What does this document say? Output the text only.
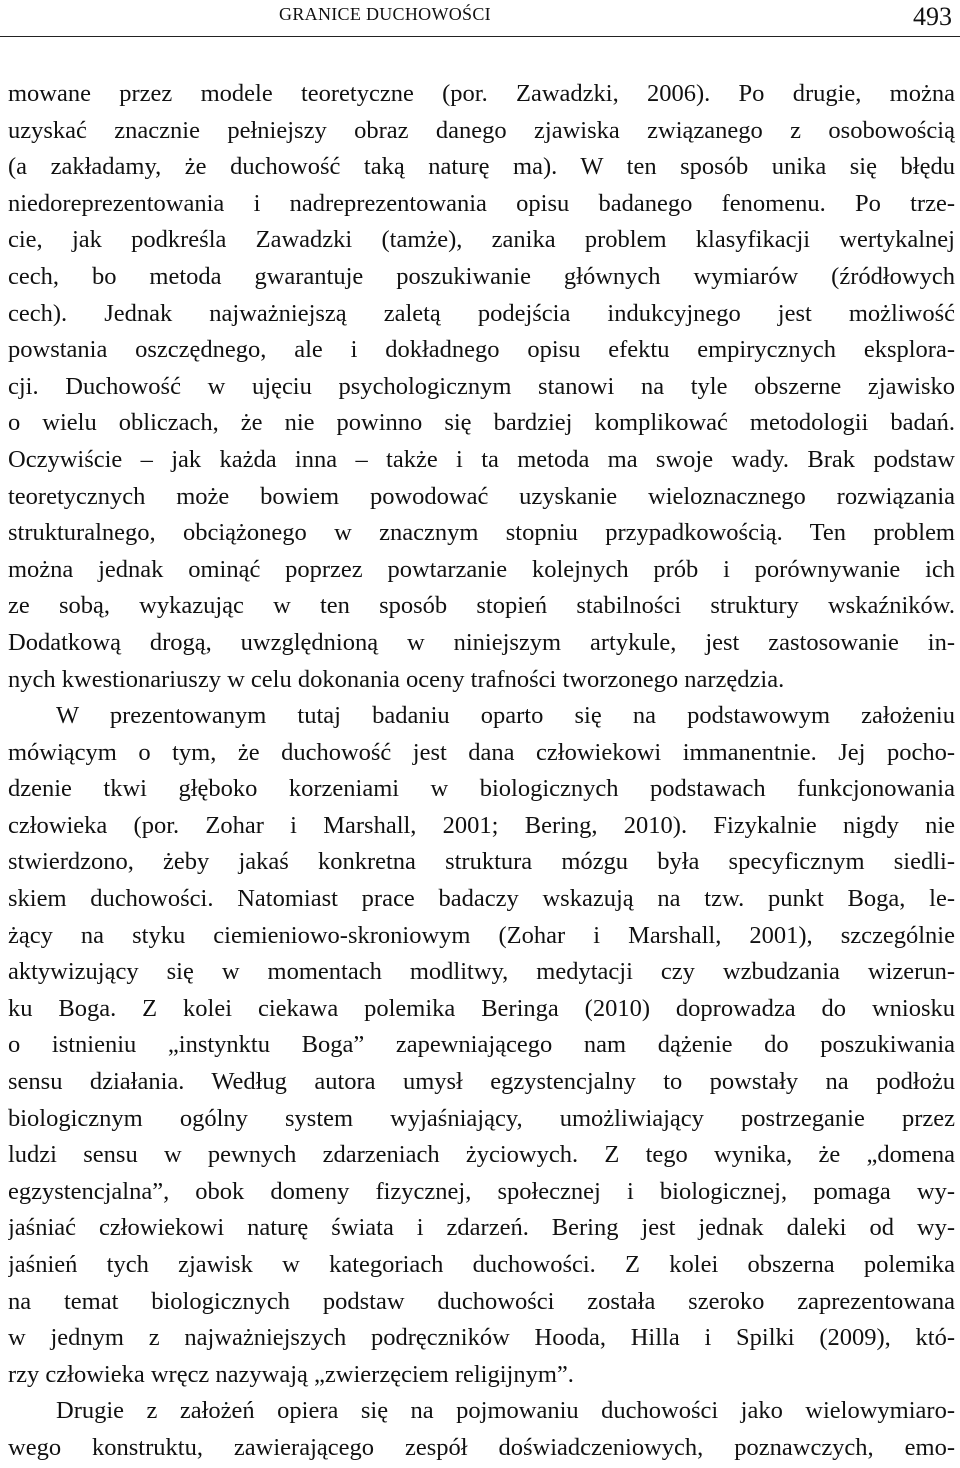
GRANICE DUCHOWOŚCI	493
mowane przez modele teoretyczne (por. Zawadzki, 2006). Po drugie, można
uzyskać znacznie pełniejszy obraz danego zjawiska związanego z osobowością
(a zakładamy, że duchowość taką naturę ma). W ten sposób unika się błędu
niedoreprezentowania i nadreprezentowania opisu badanego fenomenu. Po trze-
cie, jak podkreśla Zawadzki (tamże), zanika problem klasyfikacji wertykalnej
cech, bo metoda gwarantuje poszukiwanie głównych wymiarów (źródłowych
cech). Jednak najważniejszą zaletą podejścia indukcyjnego jest możliwość
powstania oszczędnego, ale i dokładnego opisu efektu empirycznych eksplora-
cji. Duchowość w ujęciu psychologicznym stanowi na tyle obszerne zjawisko
o wielu obliczach, że nie powinno się bardziej komplikować metodologii badań.
Oczywiście – jak każda inna – także i ta metoda ma swoje wady. Brak podstaw
teoretycznych może bowiem powodować uzyskanie wieloznacznego rozwiązania
strukturalnego, obciążonego w znacznym stopniu przypadkowością. Ten problem
można jednak ominąć poprzez powtarzanie kolejnych prób i porównywanie ich
ze sobą, wykazując w ten sposób stopień stabilności struktury wskaźników.
Dodatkową drogą, uwzględnioną w niniejszym artykule, jest zastosowanie in-
nych kwestionariuszy w celu dokonania oceny trafności tworzonego narzędzia.
W prezentowanym tutaj badaniu oparto się na podstawowym założeniu
mówiącym o tym, że duchowość jest dana człowiekowi immanentnie. Jej pocho-
dzenie tkwi głęboko korzeniami w biologicznych podstawach funkcjonowania
człowieka (por. Zohar i Marshall, 2001; Bering, 2010). Fizykalnie nigdy nie
stwierdzono, żeby jakaś konkretna struktura mózgu była specyficznym siedli-
skiem duchowości. Natomiast prace badaczy wskazują na tzw. punkt Boga, le-
żący na styku ciemieniowo-skroniowym (Zohar i Marshall, 2001), szczególnie
aktywizujący się w momentach modlitwy, medytacji czy wzbudzania wizerun-
ku Boga. Z kolei ciekawa polemika Beringa (2010) doprowadza do wniosku
o istnieniu „instynktu Boga” zapewniającego nam dążenie do poszukiwania
sensu działania. Według autora umysł egzystencjalny to powstały na podłożu
biologicznym ogólny system wyjaśniający, umożliwiający postrzeganie przez
ludzi sensu w pewnych zdarzeniach życiowych. Z tego wynika, że „domena
egzystencjalna”, obok domeny fizycznej, społecznej i biologicznej, pomaga wy-
jaśniać człowiekowi naturę świata i zdarzeń. Bering jest jednak daleki od wy-
jaśnień tych zjawisk w kategoriach duchowości. Z kolei obszerna polemika
na temat biologicznych podstaw duchowości została szeroko zaprezentowana
w jednym z najważniejszych podręczników Hooda, Hilla i Spilki (2009), któ-
rzy człowieka wręcz nazywają „zwierzęciem religijnym”.
Drugie z założeń opiera się na pojmowaniu duchowości jako wielowymiaro-
wego konstruktu, zawierającego zespół doświadczeniowych, poznawczych, emo-
